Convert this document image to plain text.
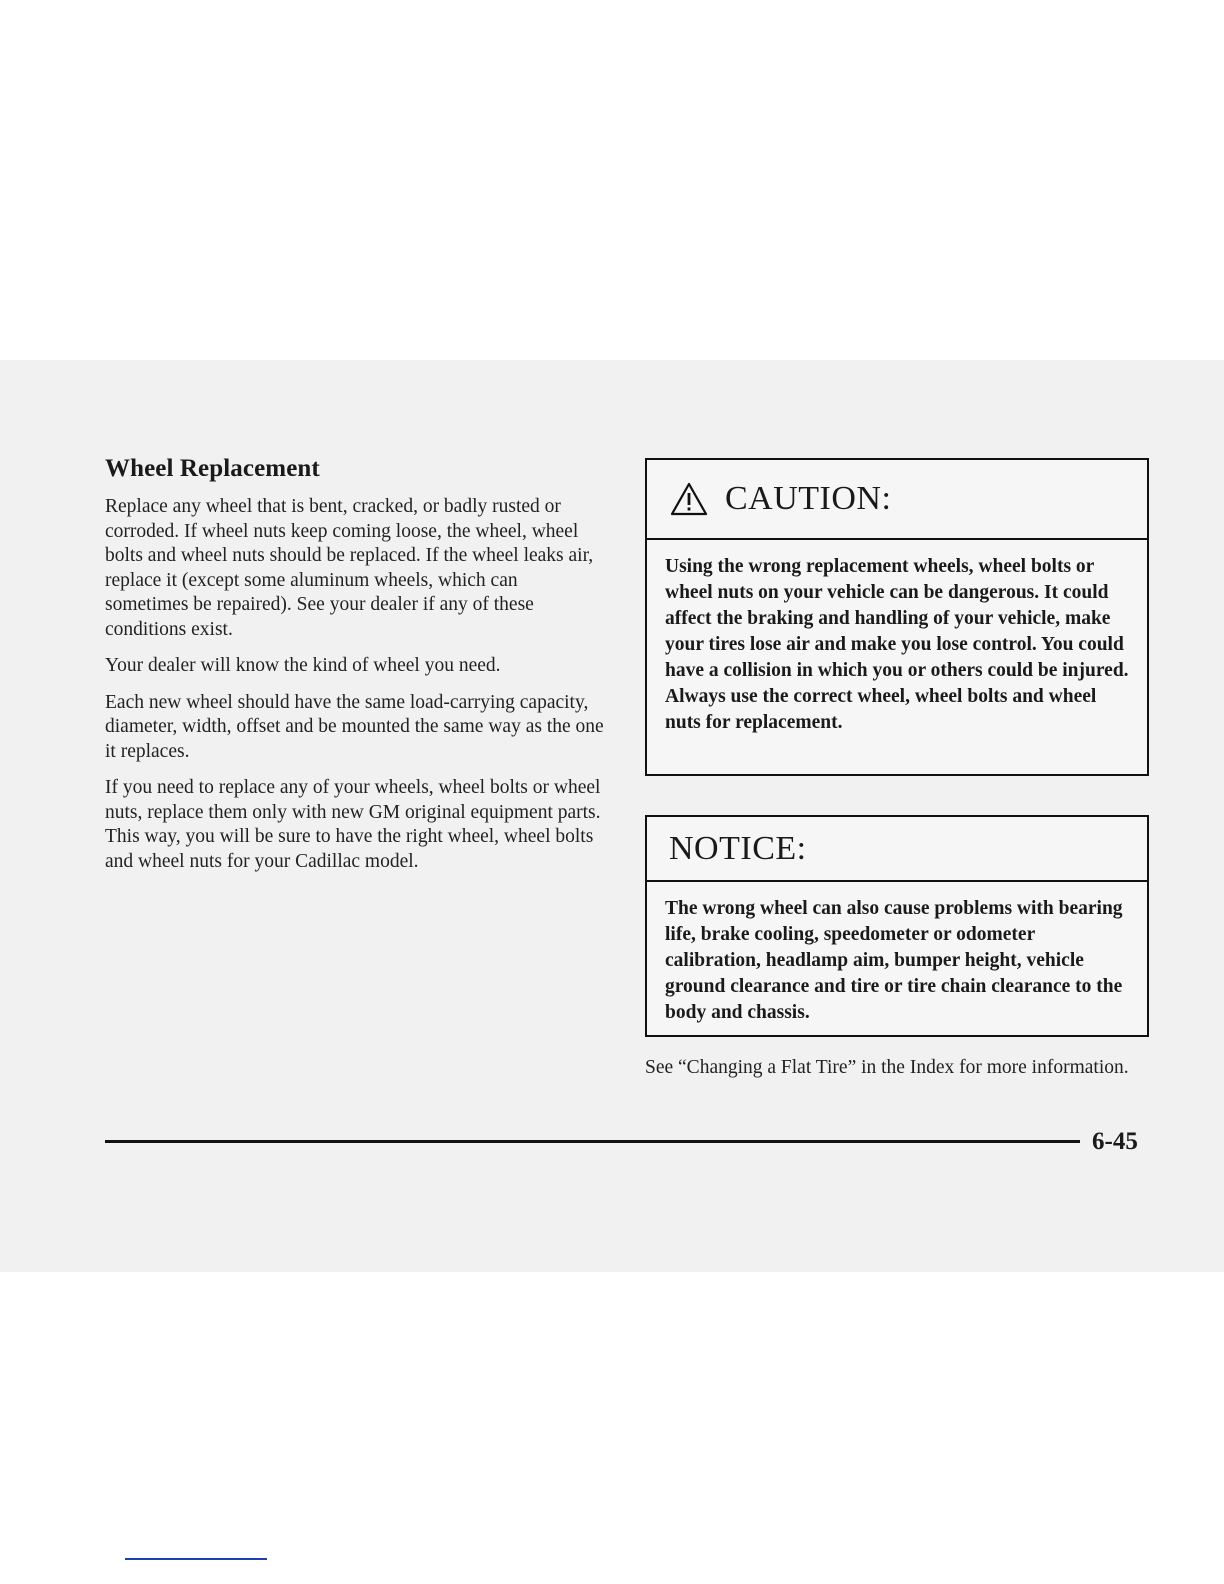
Wheel Replacement

Replace any wheel that is bent, cracked, or badly rusted or corroded. If wheel nuts keep coming loose, the wheel, wheel bolts and wheel nuts should be replaced. If the wheel leaks air, replace it (except some aluminum wheels, which can sometimes be repaired). See your dealer if any of these conditions exist.

Your dealer will know the kind of wheel you need.

Each new wheel should have the same load-carrying capacity, diameter, width, offset and be mounted the same way as the one it replaces.

If you need to replace any of your wheels, wheel bolts or wheel nuts, replace them only with new GM original equipment parts. This way, you will be sure to have the right wheel, wheel bolts and wheel nuts for your Cadillac model.

CAUTION:
Using the wrong replacement wheels, wheel bolts or wheel nuts on your vehicle can be dangerous. It could affect the braking and handling of your vehicle, make your tires lose air and make you lose control. You could have a collision in which you or others could be injured. Always use the correct wheel, wheel bolts and wheel nuts for replacement.
NOTICE:
The wrong wheel can also cause problems with bearing life, brake cooling, speedometer or odometer calibration, headlamp aim, bumper height, vehicle ground clearance and tire or tire chain clearance to the body and chassis.

See “Changing a Flat Tire” in the Index for more information.

6-45
